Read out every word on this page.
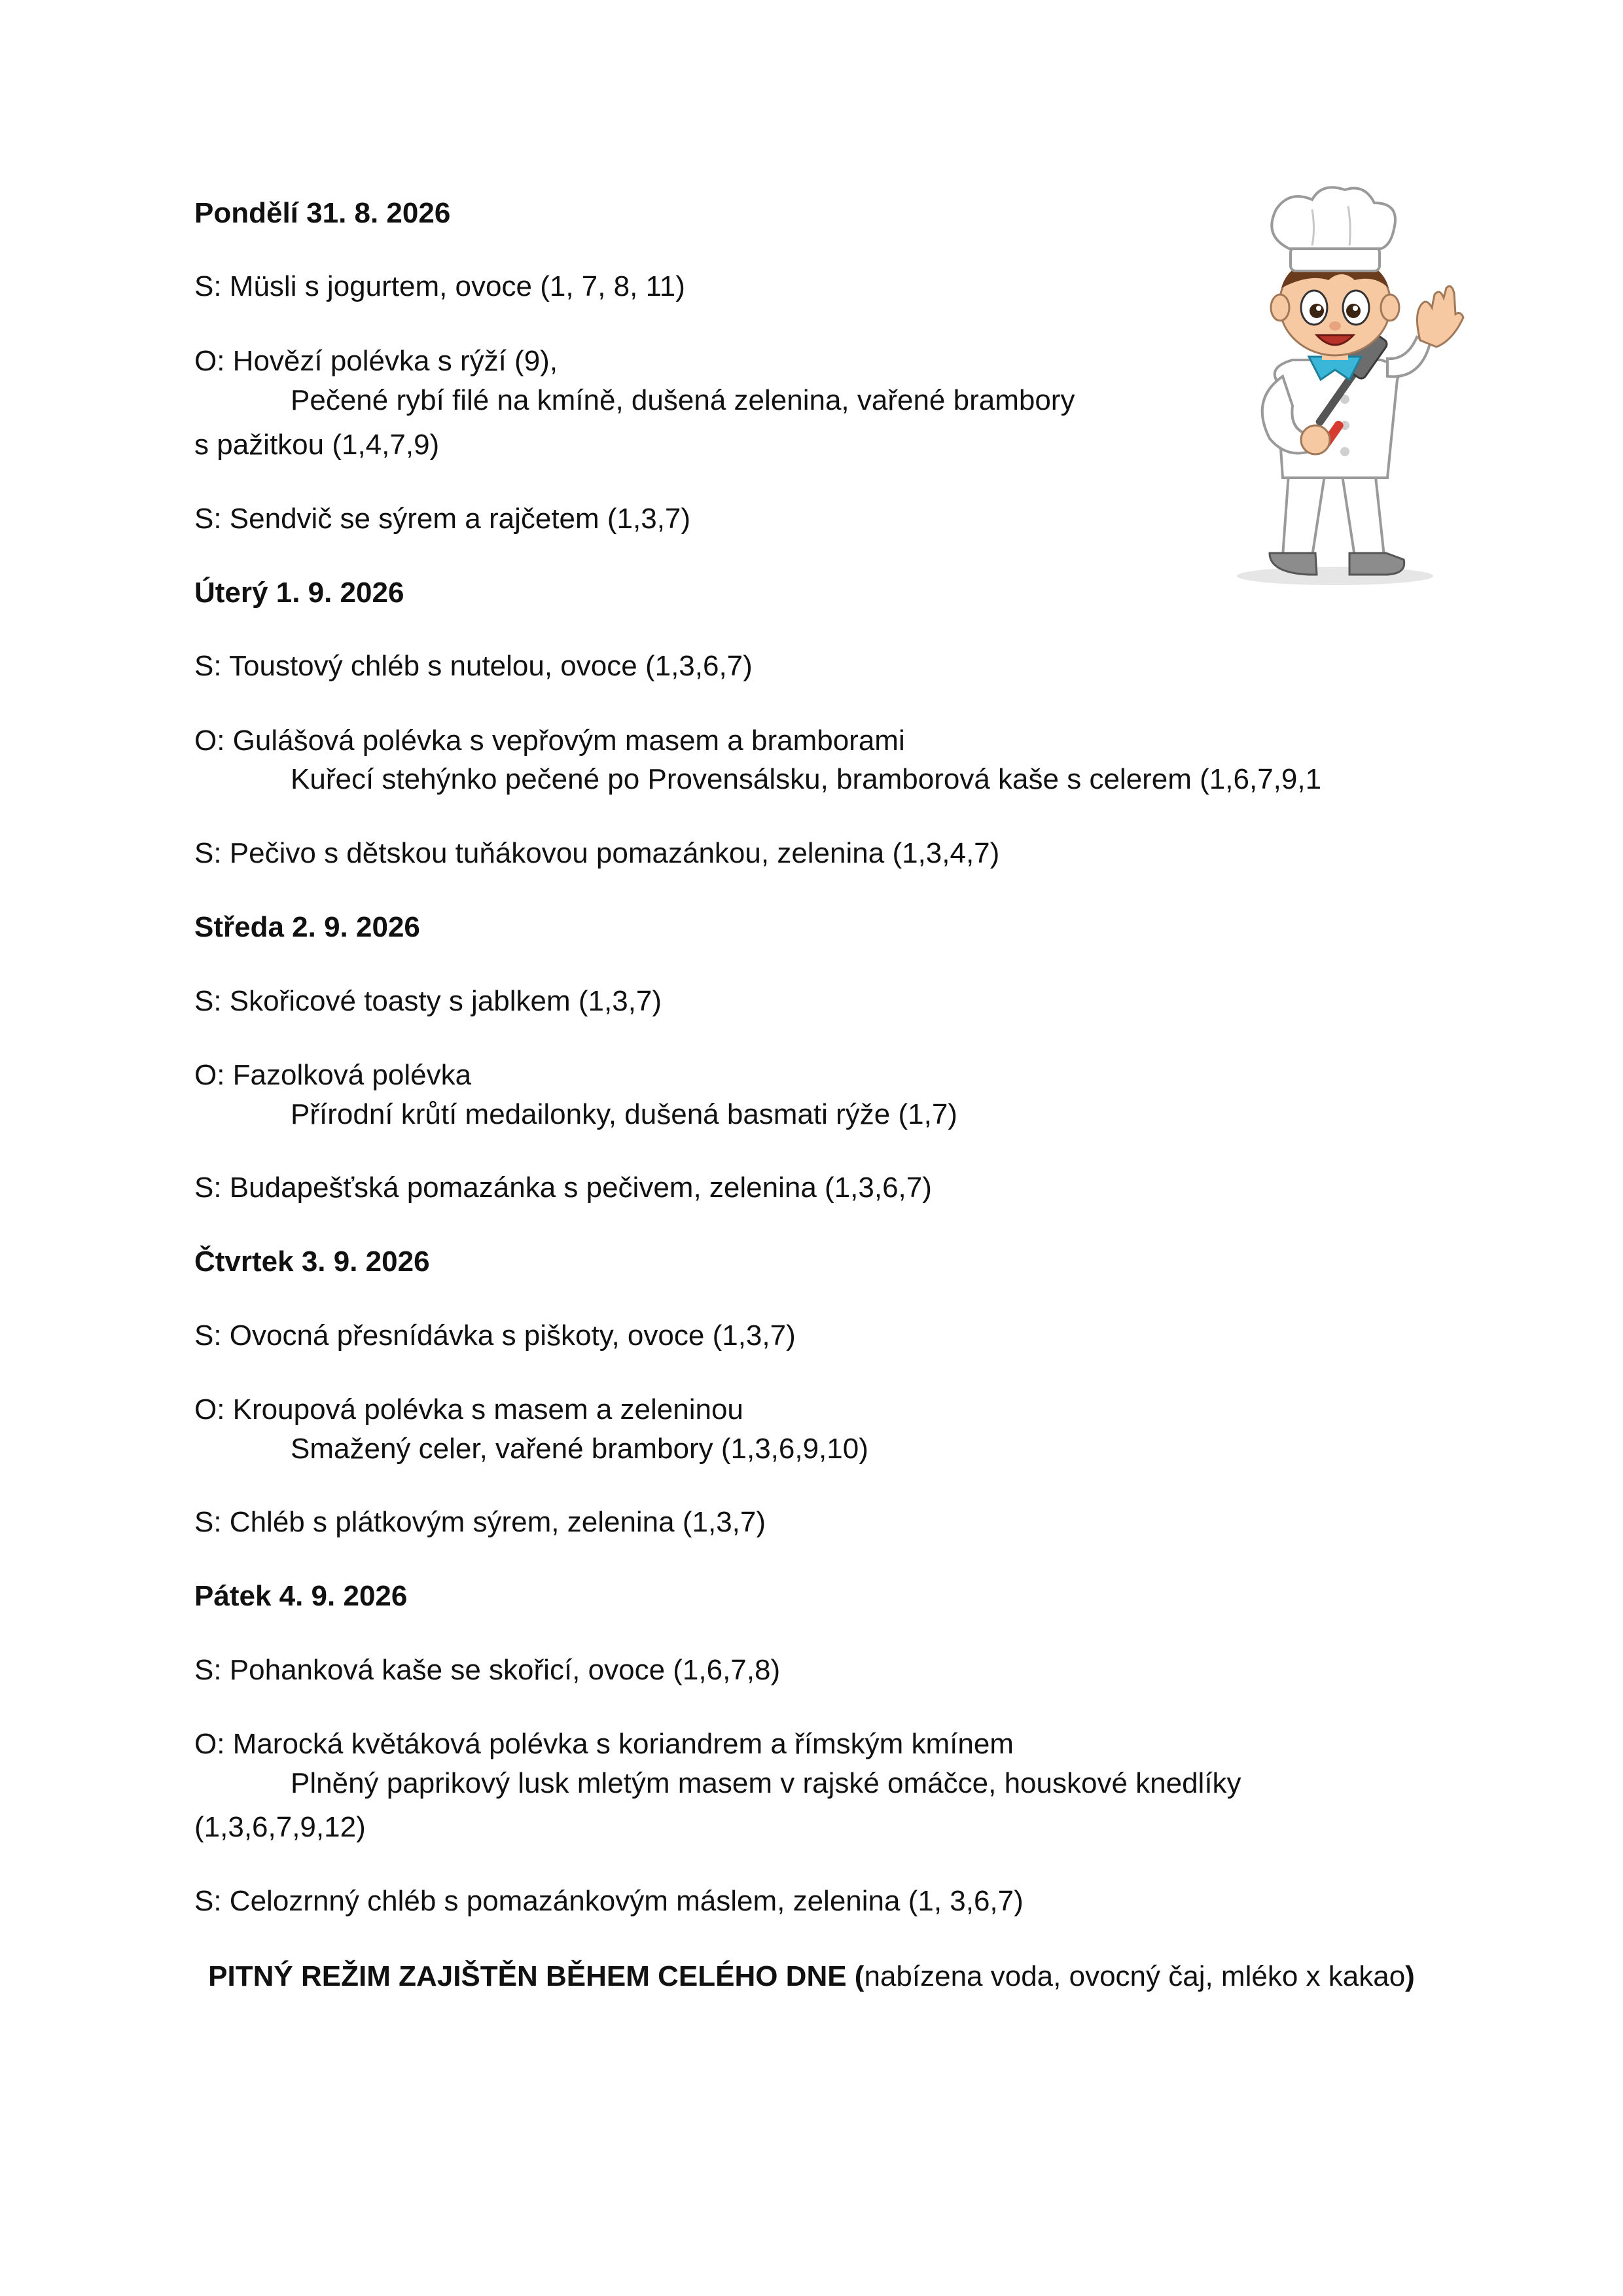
Pondělí 31. 8. 2026
S: Müsli s jogurtem, ovoce (1, 7, 8, 11)
O: Hovězí polévka s rýží (9),
Pečené rybí filé na kmíně, dušená zelenina, vařené brambory
s pažitkou (1,4,7,9)
S: Sendvič se sýrem a rajčetem (1,3,7)
Úterý 1. 9. 2026
S: Toustový chléb s nutelou, ovoce (1,3,6,7)
O: Gulášová polévka s vepřovým masem a bramborami
Kuřecí stehýnko pečené po Provensálsku, bramborová kaše s celerem (1,6,7,9,1
S: Pečivo s dětskou tuňákovou pomazánkou, zelenina (1,3,4,7)
Středa 2. 9. 2026
S: Skořicové toasty s jablkem (1,3,7)
O: Fazolková polévka
Přírodní krůtí medailonky, dušená basmati rýže (1,7)
S: Budapešťská pomazánka s pečivem, zelenina (1,3,6,7)
Čtvrtek 3. 9. 2026
S: Ovocná přesnídávka s piškoty, ovoce (1,3,7)
O: Kroupová polévka s masem a zeleninou
Smažený celer, vařené brambory (1,3,6,9,10)
S: Chléb s plátkovým sýrem, zelenina (1,3,7)
Pátek 4. 9. 2026
S: Pohanková kaše se skořicí, ovoce (1,6,7,8)
O: Marocká květáková polévka s koriandrem a římským kmínem
Plněný paprikový lusk mletým masem v rajské omáčce, houskové knedlíky
(1,3,6,7,9,12)
S: Celozrnný chléb s pomazánkovým máslem, zelenina (1, 3,6,7)
PITNÝ REŽIM ZAJIŠTĚN BĚHEM CELÉHO DNE (nabízena voda, ovocný čaj, mléko x kakao)
